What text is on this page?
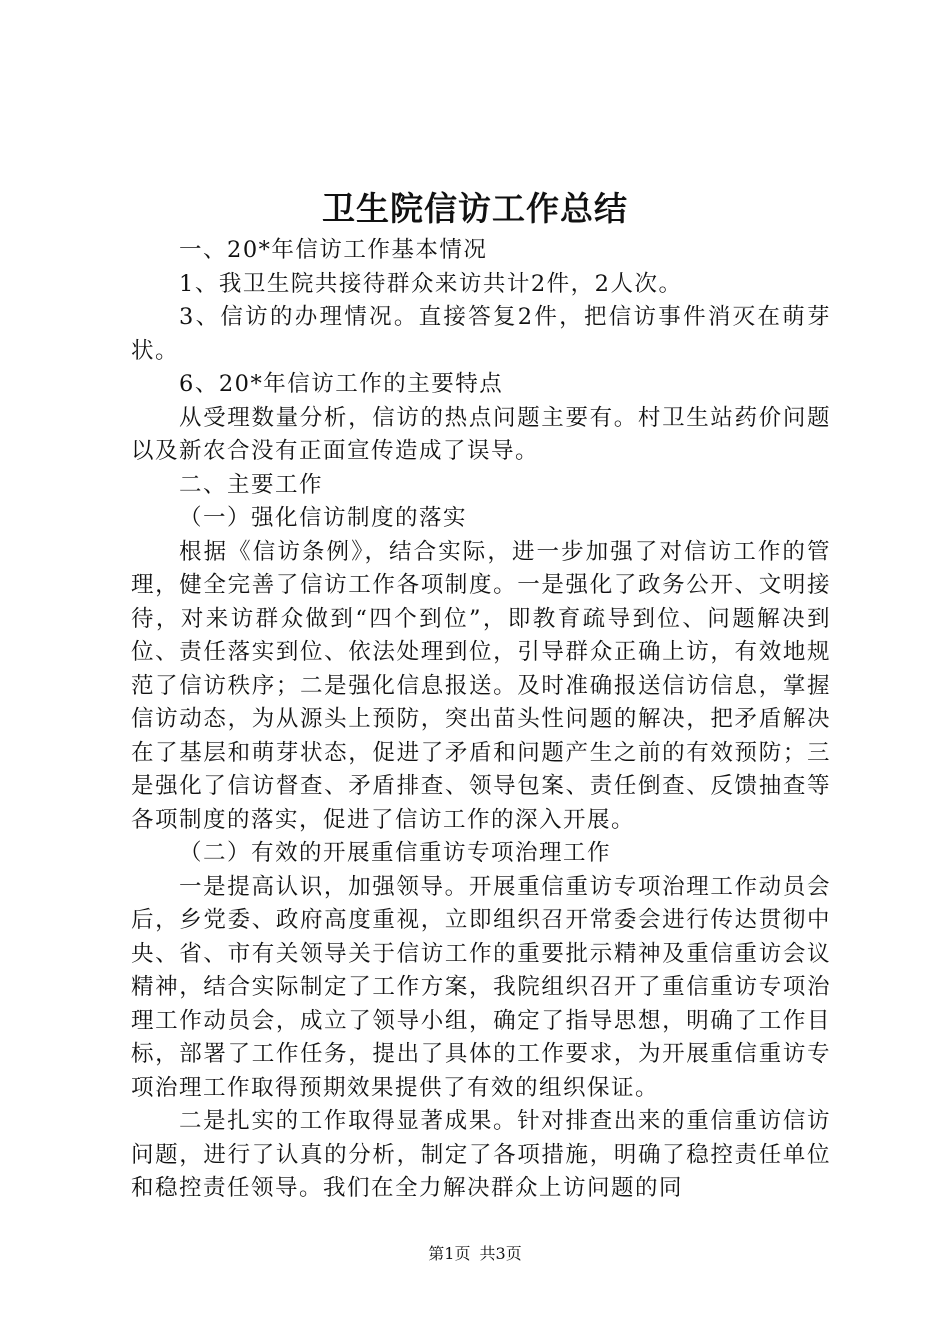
卫生院信访工作总结

一、20*年信访工作基本情况

1、我卫生院共接待群众来访共计2件，2人次。

3、信访的办理情况。直接答复2件，把信访事件消灭在萌芽状。

6、20*年信访工作的主要特点

从受理数量分析，信访的热点问题主要有。村卫生站药价问题以及新农合没有正面宣传造成了误导。

二、主要工作

（一）强化信访制度的落实

根据《信访条例》，结合实际，进一步加强了对信访工作的管理，健全完善了信访工作各项制度。一是强化了政务公开、文明接待，对来访群众做到“四个到位”，即教育疏导到位、问题解决到位、责任落实到位、依法处理到位，引导群众正确上访，有效地规范了信访秩序；二是强化信息报送。及时准确报送信访信息，掌握信访动态，为从源头上预防，突出苗头性问题的解决，把矛盾解决在了基层和萌芽状态，促进了矛盾和问题产生之前的有效预防；三是强化了信访督查、矛盾排查、领导包案、责任倒查、反馈抽查等各项制度的落实，促进了信访工作的深入开展。

（二）有效的开展重信重访专项治理工作

一是提高认识，加强领导。开展重信重访专项治理工作动员会后，乡党委、政府高度重视，立即组织召开常委会进行传达贯彻中央、省、市有关领导关于信访工作的重要批示精神及重信重访会议精神，结合实际制定了工作方案，我院组织召开了重信重访专项治理工作动员会，成立了领导小组，确定了指导思想，明确了工作目标，部署了工作任务，提出了具体的工作要求，为开展重信重访专项治理工作取得预期效果提供了有效的组织保证。

二是扎实的工作取得显著成果。针对排查出来的重信重访信访问题，进行了认真的分析，制定了各项措施，明确了稳控责任单位和稳控责任领导。我们在全力解决群众上访问题的同

第1页 共3页
